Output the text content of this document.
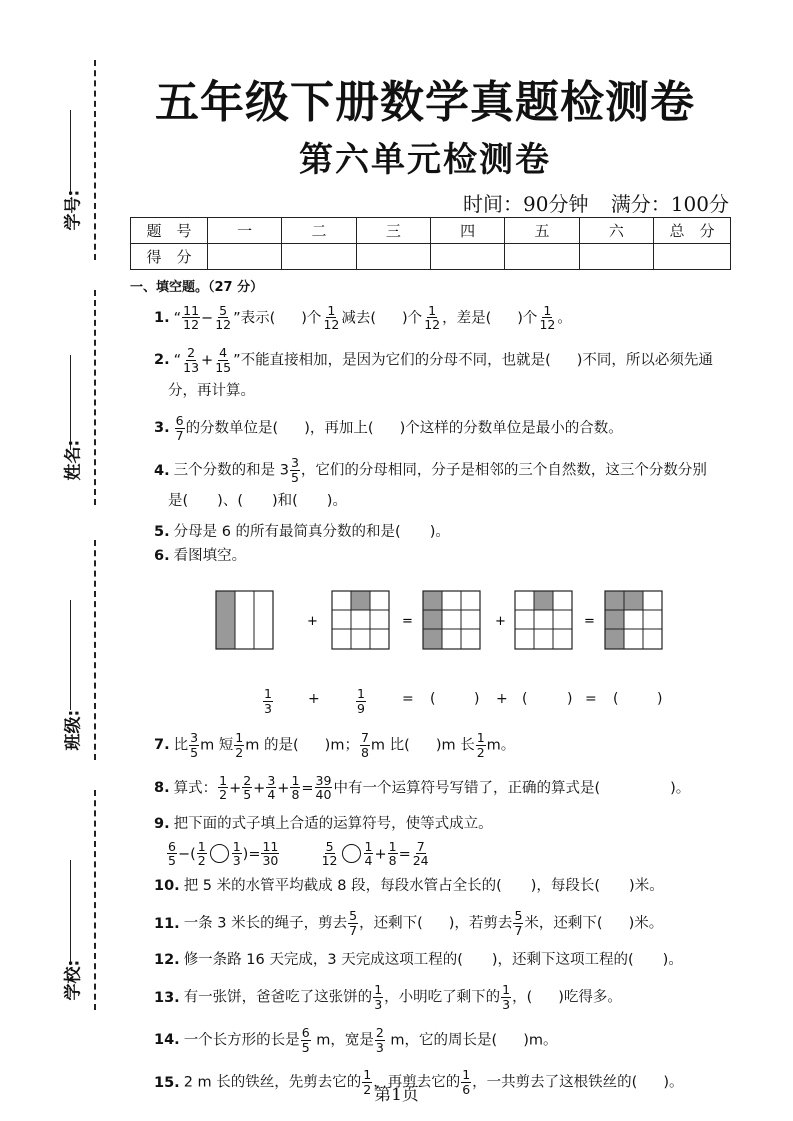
学号:
姓名:
班级:
学校:
五年级下册数学真题检测卷
第六单元检测卷
时间：90分钟 满分：100分
题　号	一	二	三	四	五	六	总　分
得　分							
一、填空题。（27 分）
1. “ $\frac{11}{12} - \frac{5}{12}$ ”表示( )个 $\frac{1}{12}$ 减去( )个 $\frac{1}{12}$ ，差是( )个 $\frac{1}{12}$ 。
2. “ $\frac{2}{13} + \frac{4}{15}$ ”不能直接相加，是因为它们的分母不同，也就是( )不同，所以必须先通
分，再计算。
3. $\frac{6}{7}$ 的分数单位是( )，再加上( )个这样的分数单位是最小的合数。
4. 三个分数的和是 $3 \frac{3}{5}$ ，它们的分母相同，分子是相邻的三个自然数，这三个分数分别
是(　　)、(　　)和(　　)。
5. 分母是 6 的所有最简真分数的和是(　　)。
6. 看图填空。
+	=	+	=
$\frac{1}{3}$	+	$\frac{1}{9}$	= (	) + (	) = (	)
7. 比 $\frac{3}{5}$ m 短 $\frac{1}{2}$ m 的是( )m； $\frac{7}{8}$ m 比( )m 长 $\frac{1}{2}$ m。
8. 算式： $\frac{1}{2} + \frac{2}{5} + \frac{3}{4} + \frac{1}{8} = \frac{39}{40}$ 中有一个运算符号写错了，正确的算式是(	)。
9. 把下面的式子填上合适的运算符号，使等式成立。
$\frac{6}{5}$ −( $\frac{1}{2} \frac{1}{3}$ )= $\frac{11}{30}$
	$\frac{5}{12} \frac{1}{4} + \frac{1}{8} = \frac{7}{24}$
10. 把 5 米的水管平均截成 8 段，每段水管占全长的(　　)，每段长(　　)米。
11. 一条 3 米长的绳子，剪去 $\frac{5}{7}$ ，还剩下( )，若剪去 $\frac{5}{7}$ 米，还剩下( )米。
12. 修一条路 16 天完成，3 天完成这项工程的(　　)，还剩下这项工程的(　　)。
13. 有一张饼，爸爸吃了这张饼的 $\frac{1}{3}$ ，小明吃了剩下的 $\frac{1}{3}$ ，( )吃得多。
14. 一个长方形的长是 $\frac{6}{5}$ m，宽是 $\frac{2}{3}$ m，它的周长是( )m。
15. 2 m 长的铁丝，先剪去它的 $\frac{1}{2}$ ，再剪去它的 $\frac{1}{6}$ ，一共剪去了这根铁丝的( )。
第1页
